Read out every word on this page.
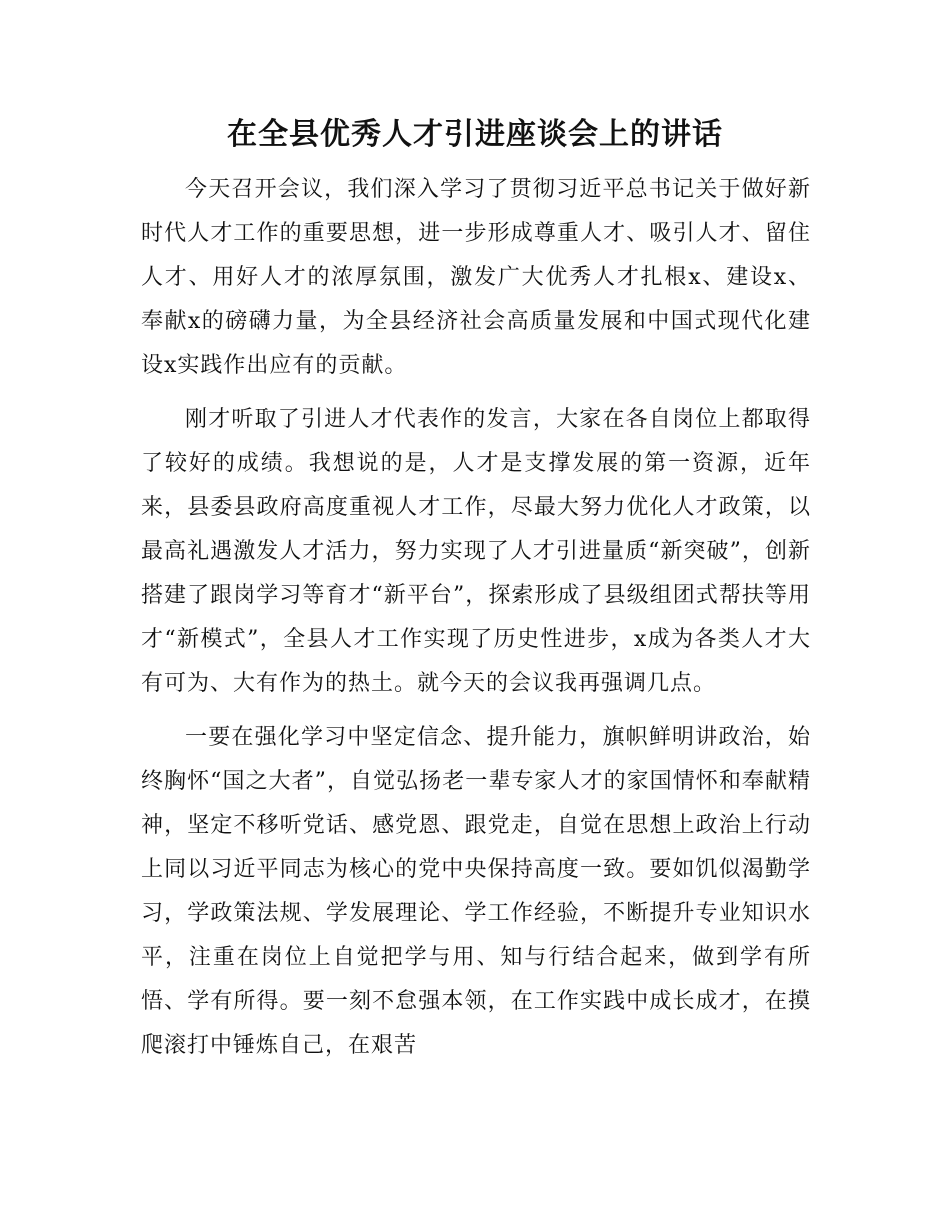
在全县优秀人才引进座谈会上的讲话

今天召开会议，我们深入学习了贯彻习近平总书记关于做好新时代人才工作的重要思想，进一步形成尊重人才、吸引人才、留住人才、用好人才的浓厚氛围，激发广大优秀人才扎根x、建设x、奉献x的磅礴力量，为全县经济社会高质量发展和中国式现代化建设x实践作出应有的贡献。

刚才听取了引进人才代表作的发言，大家在各自岗位上都取得了较好的成绩。我想说的是，人才是支撑发展的第一资源，近年来，县委县政府高度重视人才工作，尽最大努力优化人才政策，以最高礼遇激发人才活力，努力实现了人才引进量质“新突破”，创新搭建了跟岗学习等育才“新平台”，探索形成了县级组团式帮扶等用才“新模式”，全县人才工作实现了历史性进步，x成为各类人才大有可为、大有作为的热土。就今天的会议我再强调几点。

一要在强化学习中坚定信念、提升能力，旗帜鲜明讲政治，始终胸怀“国之大者”，自觉弘扬老一辈专家人才的家国情怀和奉献精神，坚定不移听党话、感党恩、跟党走，自觉在思想上政治上行动上同以习近平同志为核心的党中央保持高度一致。要如饥似渴勤学习，学政策法规、学发展理论、学工作经验，不断提升专业知识水平，注重在岗位上自觉把学与用、知与行结合起来，做到学有所悟、学有所得。要一刻不怠强本领，在工作实践中成长成才，在摸爬滚打中锤炼自己，在艰苦
